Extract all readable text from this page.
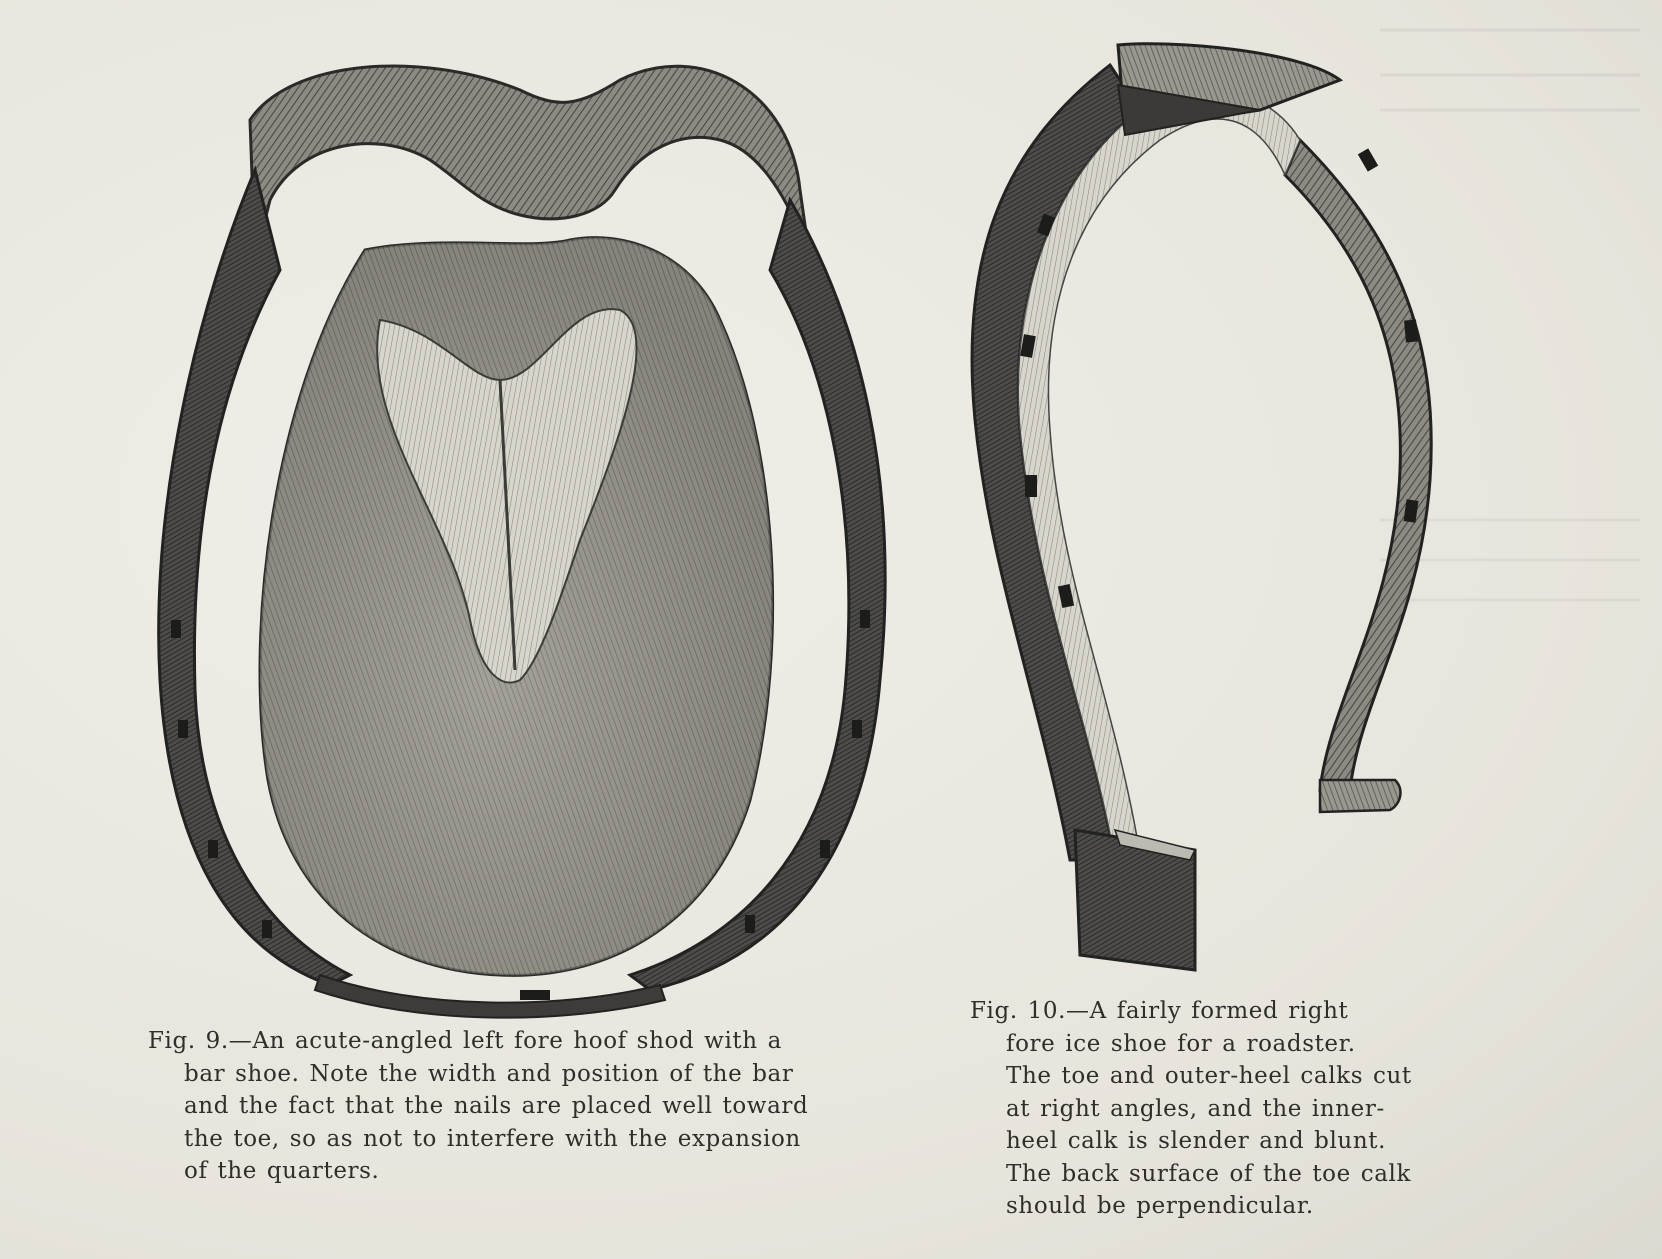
Fig. 9.—An acute-angled left fore hoof shod with a
bar shoe. Note the width and position of the bar
and the fact that the nails are placed well toward
the toe, so as not to interfere with the expansion
of the quarters.
Fig. 10.—A fairly formed right
fore ice shoe for a roadster.
The toe and outer-heel calks cut
at right angles, and the inner-
heel calk is slender and blunt.
The back surface of the toe calk
should be perpendicular.
